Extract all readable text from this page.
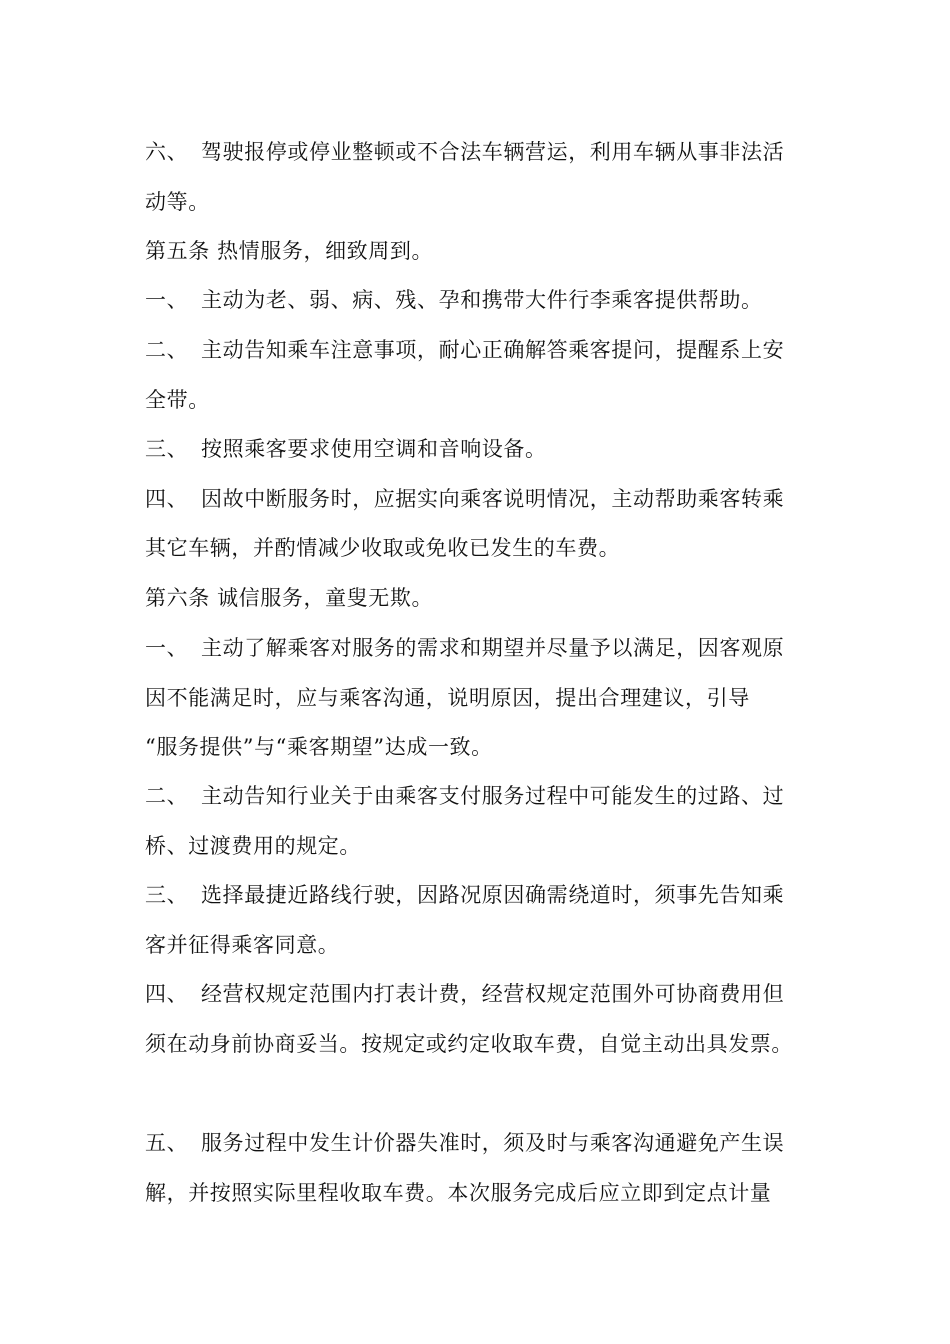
六、 驾驶报停或停业整顿或不合法车辆营运，利用车辆从事非法活
动等。
第五条 热情服务，细致周到。
一、 主动为老、弱、病、残、孕和携带大件行李乘客提供帮助。
二、 主动告知乘车注意事项，耐心正确解答乘客提问，提醒系上安
全带。
三、 按照乘客要求使用空调和音响设备。
四、 因故中断服务时，应据实向乘客说明情况，主动帮助乘客转乘
其它车辆，并酌情减少收取或免收已发生的车费。
第六条 诚信服务，童叟无欺。
一、 主动了解乘客对服务的需求和期望并尽量予以满足，因客观原
因不能满足时，应与乘客沟通，说明原因，提出合理建议，引导
“服务提供”与“乘客期望”达成一致。
二、 主动告知行业关于由乘客支付服务过程中可能发生的过路、过
桥、过渡费用的规定。
三、 选择最捷近路线行驶，因路况原因确需绕道时，须事先告知乘
客并征得乘客同意。
四、 经营权规定范围内打表计费，经营权规定范围外可协商费用但
须在动身前协商妥当。按规定或约定收取车费，自觉主动出具发票。
五、 服务过程中发生计价器失准时，须及时与乘客沟通避免产生误
解，并按照实际里程收取车费。本次服务完成后应立即到定点计量
